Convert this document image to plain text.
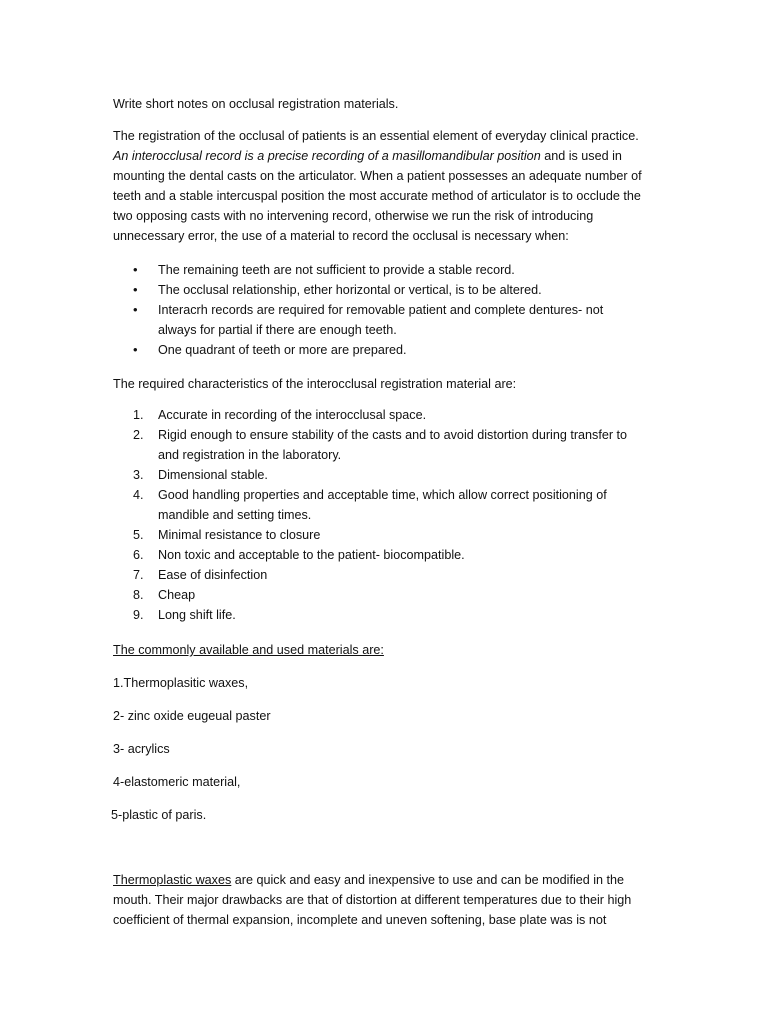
Write short notes on occlusal registration materials.

The registration of the occlusal of patients is an essential element of everyday clinical practice. An interocclusal record is a precise recording of a masillomandibular position and is used in mounting the dental casts on the articulator. When a patient possesses an adequate number of teeth and a stable intercuspal position the most accurate method of articulator is to occlude the two opposing casts with no intervening record, otherwise we run the risk of introducing unnecessary error, the use of a material to record the occlusal is necessary when:

• The remaining teeth are not sufficient to provide a stable record.
• The occlusal relationship, ether horizontal or vertical, is to be altered.
• Interacrh records are required for removable patient and complete dentures- not always for partial if there are enough teeth.
• One quadrant of teeth or more are prepared.

The required characteristics of the interocclusal registration material are:

1. Accurate in recording of the interocclusal space.
2. Rigid enough to ensure stability of the casts and to avoid distortion during transfer to and registration in the laboratory.
3. Dimensional stable.
4. Good handling properties and acceptable time, which allow correct positioning of mandible and setting times.
5. Minimal resistance to closure
6. Non toxic and acceptable to the patient- biocompatible.
7. Ease of disinfection
8. Cheap
9. Long shift life.

The commonly available and used materials are:

1.Thermoplasitic waxes,

2- zinc oxide eugeual paster

3- acrylics

4-elastomeric material,

5-plastic of paris.

Thermoplastic waxes are quick and easy and inexpensive to use and can be modified in the mouth. Their major drawbacks are that of distortion at different temperatures due to their high coefficient of thermal expansion, incomplete and uneven softening, base plate was is not
